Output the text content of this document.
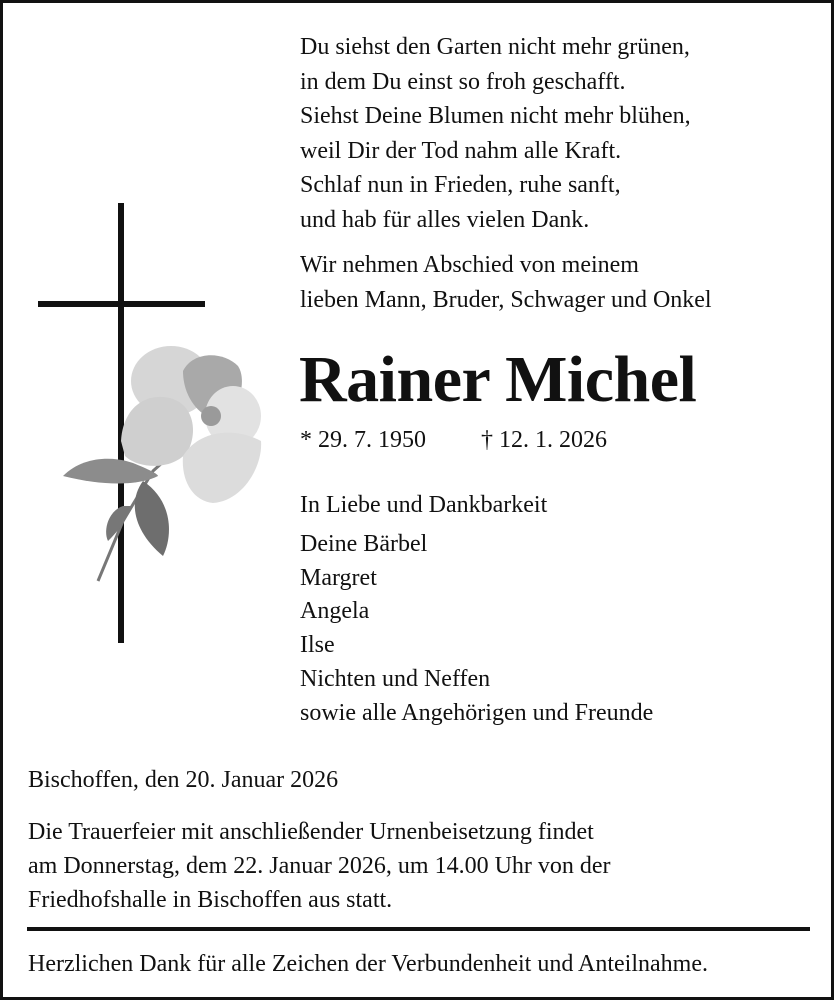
Du siehst den Garten nicht mehr grünen,
in dem Du einst so froh geschafft.
Siehst Deine Blumen nicht mehr blühen,
weil Dir der Tod nahm alle Kraft.
Schlaf nun in Frieden, ruhe sanft,
und hab für alles vielen Dank.
Wir nehmen Abschied von meinem
lieben Mann, Bruder, Schwager und Onkel
Rainer Michel
* 29. 7. 1950 † 12. 1. 2026
In Liebe und Dankbarkeit
Deine Bärbel
Margret
Angela
Ilse
Nichten und Neffen
sowie alle Angehörigen und Freunde
Bischoffen, den 20. Januar 2026
Die Trauerfeier mit anschließender Urnenbeisetzung findet
am Donnerstag, dem 22. Januar 2026, um 14.00 Uhr von der
Friedhofshalle in Bischoffen aus statt.
Herzlichen Dank für alle Zeichen der Verbundenheit und Anteilnahme.
